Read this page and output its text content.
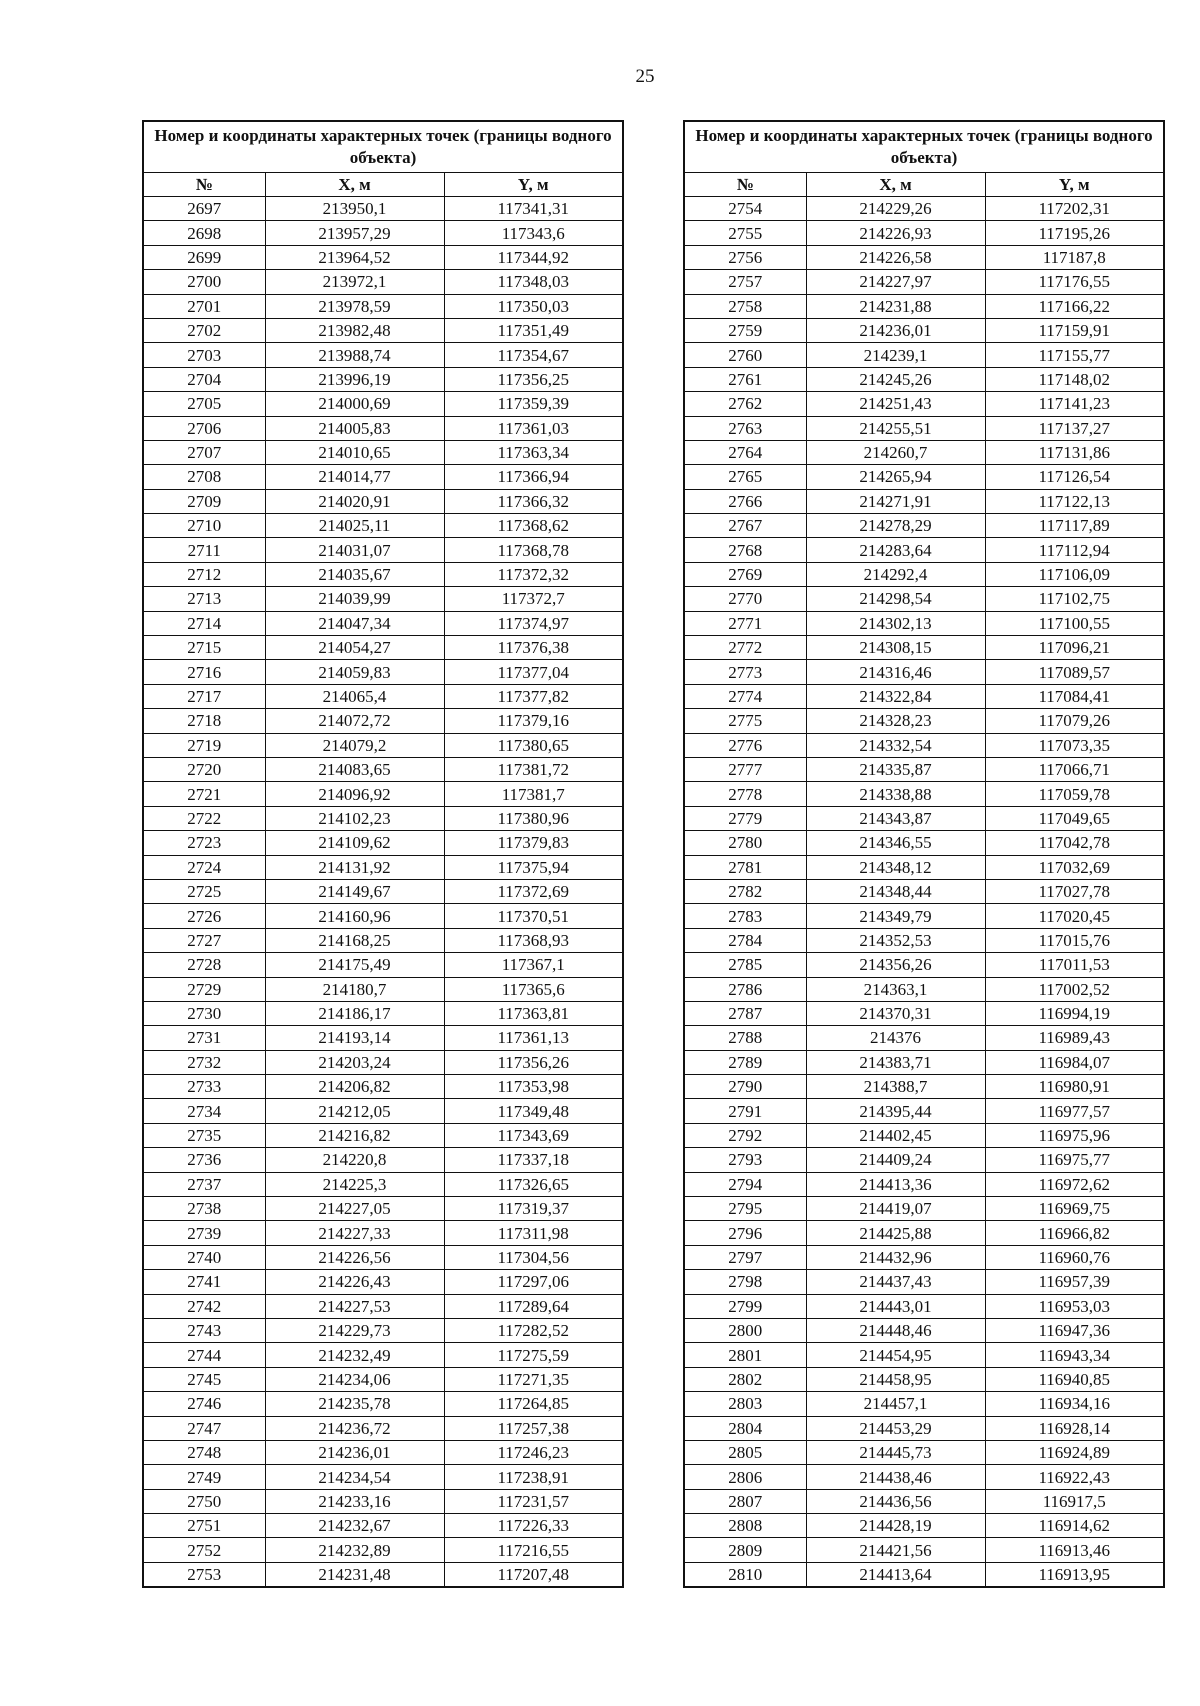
25
Номер и координаты характерных точек (границы водного объекта)		
№	X, м	Y, м
2697	213950,1	117341,31
2698	213957,29	117343,6
2699	213964,52	117344,92
2700	213972,1	117348,03
2701	213978,59	117350,03
2702	213982,48	117351,49
2703	213988,74	117354,67
2704	213996,19	117356,25
2705	214000,69	117359,39
2706	214005,83	117361,03
2707	214010,65	117363,34
2708	214014,77	117366,94
2709	214020,91	117366,32
2710	214025,11	117368,62
2711	214031,07	117368,78
2712	214035,67	117372,32
2713	214039,99	117372,7
2714	214047,34	117374,97
2715	214054,27	117376,38
2716	214059,83	117377,04
2717	214065,4	117377,82
2718	214072,72	117379,16
2719	214079,2	117380,65
2720	214083,65	117381,72
2721	214096,92	117381,7
2722	214102,23	117380,96
2723	214109,62	117379,83
2724	214131,92	117375,94
2725	214149,67	117372,69
2726	214160,96	117370,51
2727	214168,25	117368,93
2728	214175,49	117367,1
2729	214180,7	117365,6
2730	214186,17	117363,81
2731	214193,14	117361,13
2732	214203,24	117356,26
2733	214206,82	117353,98
2734	214212,05	117349,48
2735	214216,82	117343,69
2736	214220,8	117337,18
2737	214225,3	117326,65
2738	214227,05	117319,37
2739	214227,33	117311,98
2740	214226,56	117304,56
2741	214226,43	117297,06
2742	214227,53	117289,64
2743	214229,73	117282,52
2744	214232,49	117275,59
2745	214234,06	117271,35
2746	214235,78	117264,85
2747	214236,72	117257,38
2748	214236,01	117246,23
2749	214234,54	117238,91
2750	214233,16	117231,57
2751	214232,67	117226,33
2752	214232,89	117216,55
2753	214231,48	117207,48
Номер и координаты характерных точек (границы водного объекта)		
№	X, м	Y, м
2754	214229,26	117202,31
2755	214226,93	117195,26
2756	214226,58	117187,8
2757	214227,97	117176,55
2758	214231,88	117166,22
2759	214236,01	117159,91
2760	214239,1	117155,77
2761	214245,26	117148,02
2762	214251,43	117141,23
2763	214255,51	117137,27
2764	214260,7	117131,86
2765	214265,94	117126,54
2766	214271,91	117122,13
2767	214278,29	117117,89
2768	214283,64	117112,94
2769	214292,4	117106,09
2770	214298,54	117102,75
2771	214302,13	117100,55
2772	214308,15	117096,21
2773	214316,46	117089,57
2774	214322,84	117084,41
2775	214328,23	117079,26
2776	214332,54	117073,35
2777	214335,87	117066,71
2778	214338,88	117059,78
2779	214343,87	117049,65
2780	214346,55	117042,78
2781	214348,12	117032,69
2782	214348,44	117027,78
2783	214349,79	117020,45
2784	214352,53	117015,76
2785	214356,26	117011,53
2786	214363,1	117002,52
2787	214370,31	116994,19
2788	214376	116989,43
2789	214383,71	116984,07
2790	214388,7	116980,91
2791	214395,44	116977,57
2792	214402,45	116975,96
2793	214409,24	116975,77
2794	214413,36	116972,62
2795	214419,07	116969,75
2796	214425,88	116966,82
2797	214432,96	116960,76
2798	214437,43	116957,39
2799	214443,01	116953,03
2800	214448,46	116947,36
2801	214454,95	116943,34
2802	214458,95	116940,85
2803	214457,1	116934,16
2804	214453,29	116928,14
2805	214445,73	116924,89
2806	214438,46	116922,43
2807	214436,56	116917,5
2808	214428,19	116914,62
2809	214421,56	116913,46
2810	214413,64	116913,95
